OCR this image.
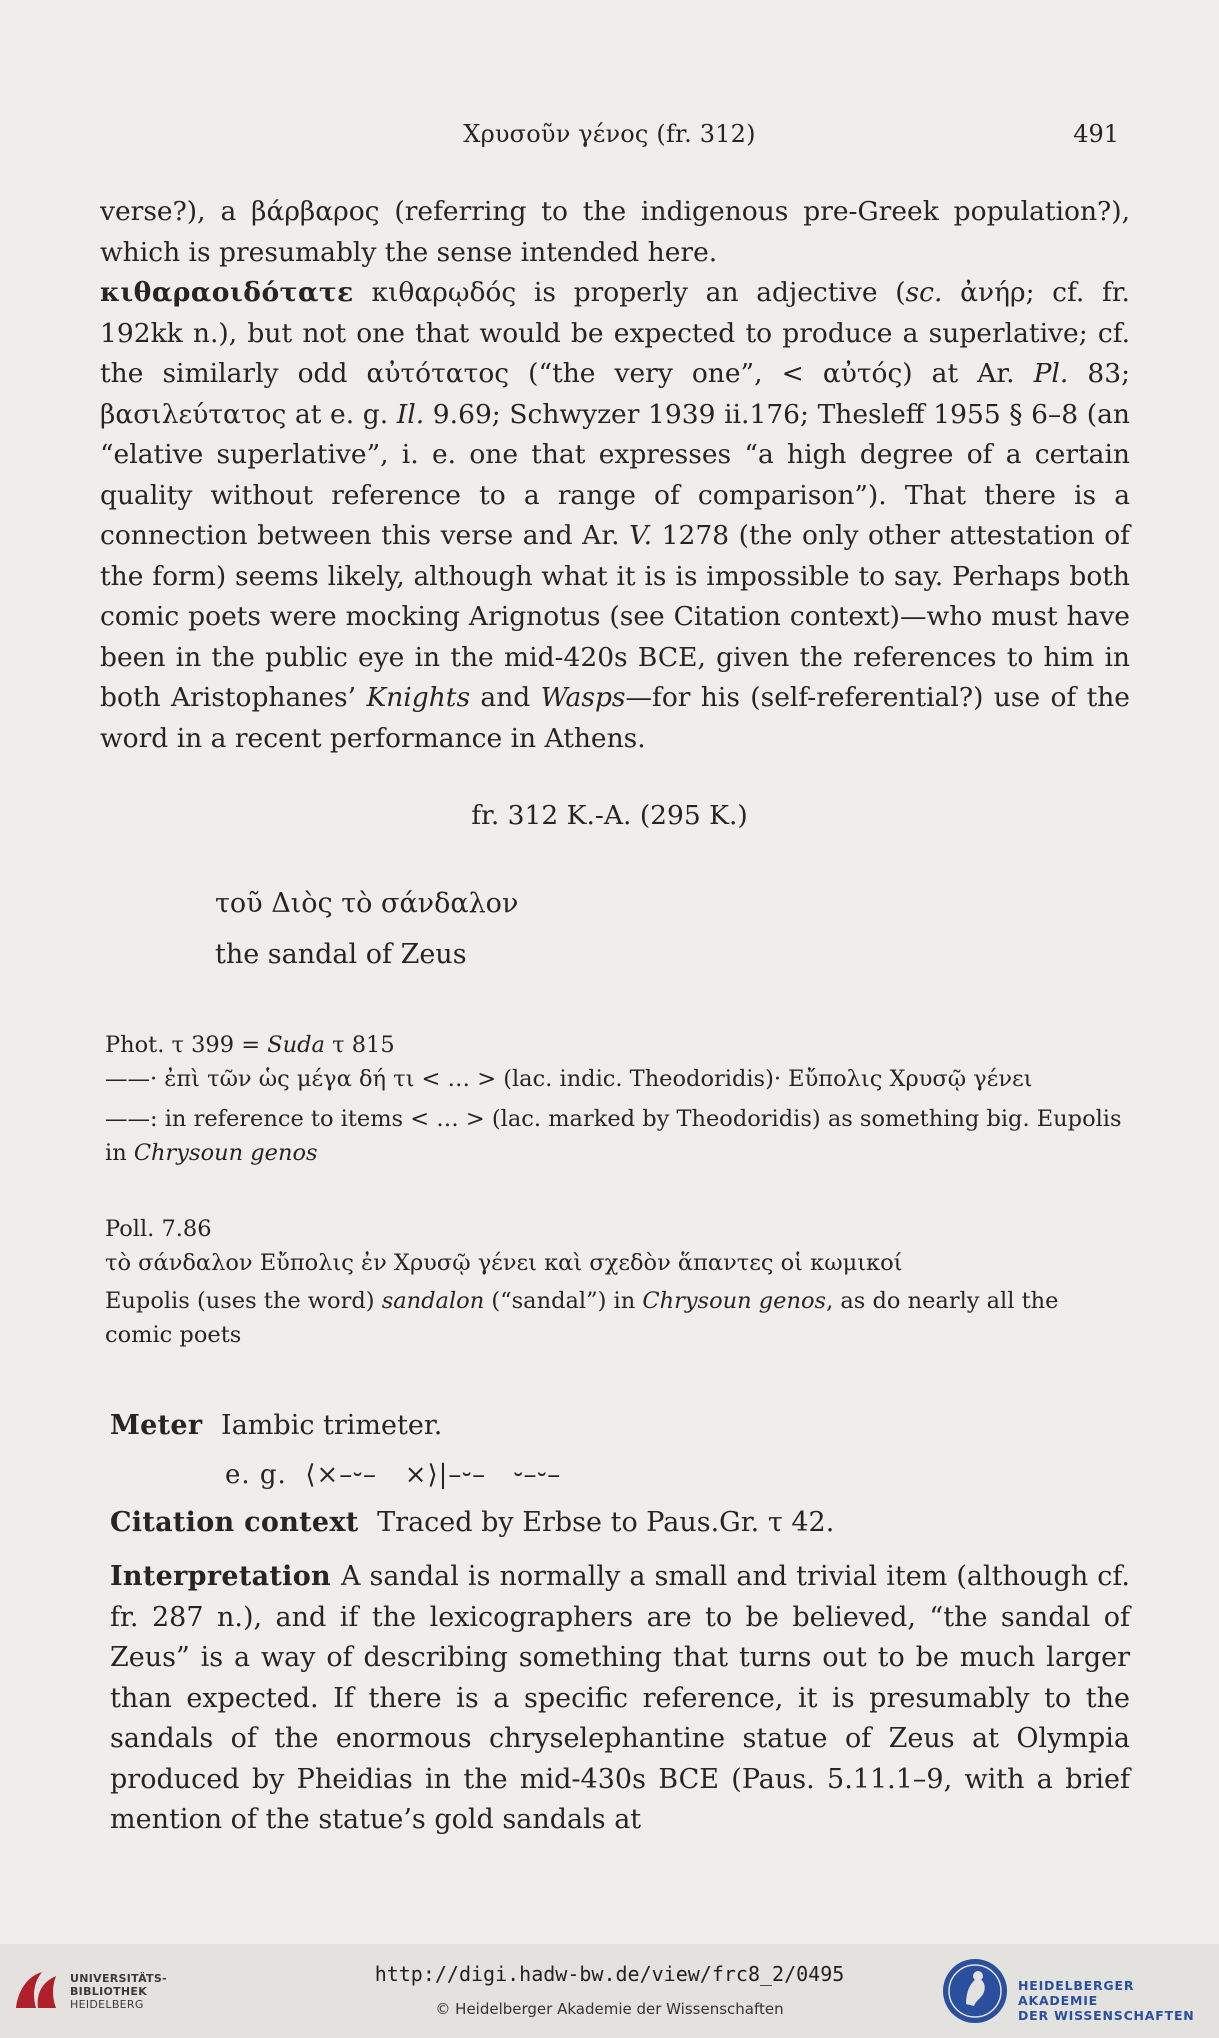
Χρυσοῦν γένος (fr. 312)	491
verse?), a βάρβαρος (referring to the indigenous pre-Greek population?), which is presumably the sense intended here.
κιθαραοιδότατε κιθαρῳδός is properly an adjective (sc. ἀνήρ; cf. fr. 192kk n.), but not one that would be expected to produce a superlative; cf. the similarly odd αὐτότατος (“the very one”, < αὐτός) at Ar. Pl. 83; βασιλεύτατος at e. g. Il. 9.69; Schwyzer 1939 ii.176; Thesleff 1955 § 6–8 (an “elative superlative”, i. e. one that expresses “a high degree of a certain quality without reference to a range of comparison”). That there is a connection between this verse and Ar. V. 1278 (the only other attestation of the form) seems likely, although what it is is impossible to say. Perhaps both comic poets were mocking Arignotus (see Citation context)—who must have been in the public eye in the mid-420s BCE, given the references to him in both Aristophanes’ Knights and Wasps—for his (self-referential?) use of the word in a recent performance in Athens.
fr. 312 K.-A. (295 K.)
τοῦ Διὸς τὸ σάνδαλον
the sandal of Zeus
Phot. τ 399 = Suda τ 815
——· ἐπὶ τῶν ὡς μέγα δή τι < … > (lac. indic. Theodoridis)· Εὔπολις Χρυσῷ γένει
——: in reference to items < … > (lac. marked by Theodoridis) as something big. Eupolis in Chrysoun genos
Poll. 7.86
τὸ σάνδαλον Εὔπολις ἐν Χρυσῷ γένει καὶ σχεδὸν ἅπαντες οἱ κωμικοί
Eupolis (uses the word) sandalon (“sandal”) in Chrysoun genos, as do nearly all the comic poets
Meter Iambic trimeter.
e. g.  ⟨×–⏑–   ×⟩|–⏑–   ⏑–⏑–
Citation context Traced by Erbse to Paus.Gr. τ 42.
Interpretation A sandal is normally a small and trivial item (although cf. fr. 287 n.), and if the lexicographers are to be believed, “the sandal of Zeus” is a way of describing something that turns out to be much larger than expected. If there is a specific reference, it is presumably to the sandals of the enormous chryselephantine statue of Zeus at Olympia produced by Pheidias in the mid-430s BCE (Paus. 5.11.1–9, with a brief mention of the statue’s gold sandals at
UNIVERSITÄTS-
BIBLIOTHEK
HEIDELBERG
http://digi.hadw-bw.de/view/frc8_2/0495
© Heidelberger Akademie der Wissenschaften
HEIDELBERGER AKADEMIE
DER WISSENSCHAFTEN
